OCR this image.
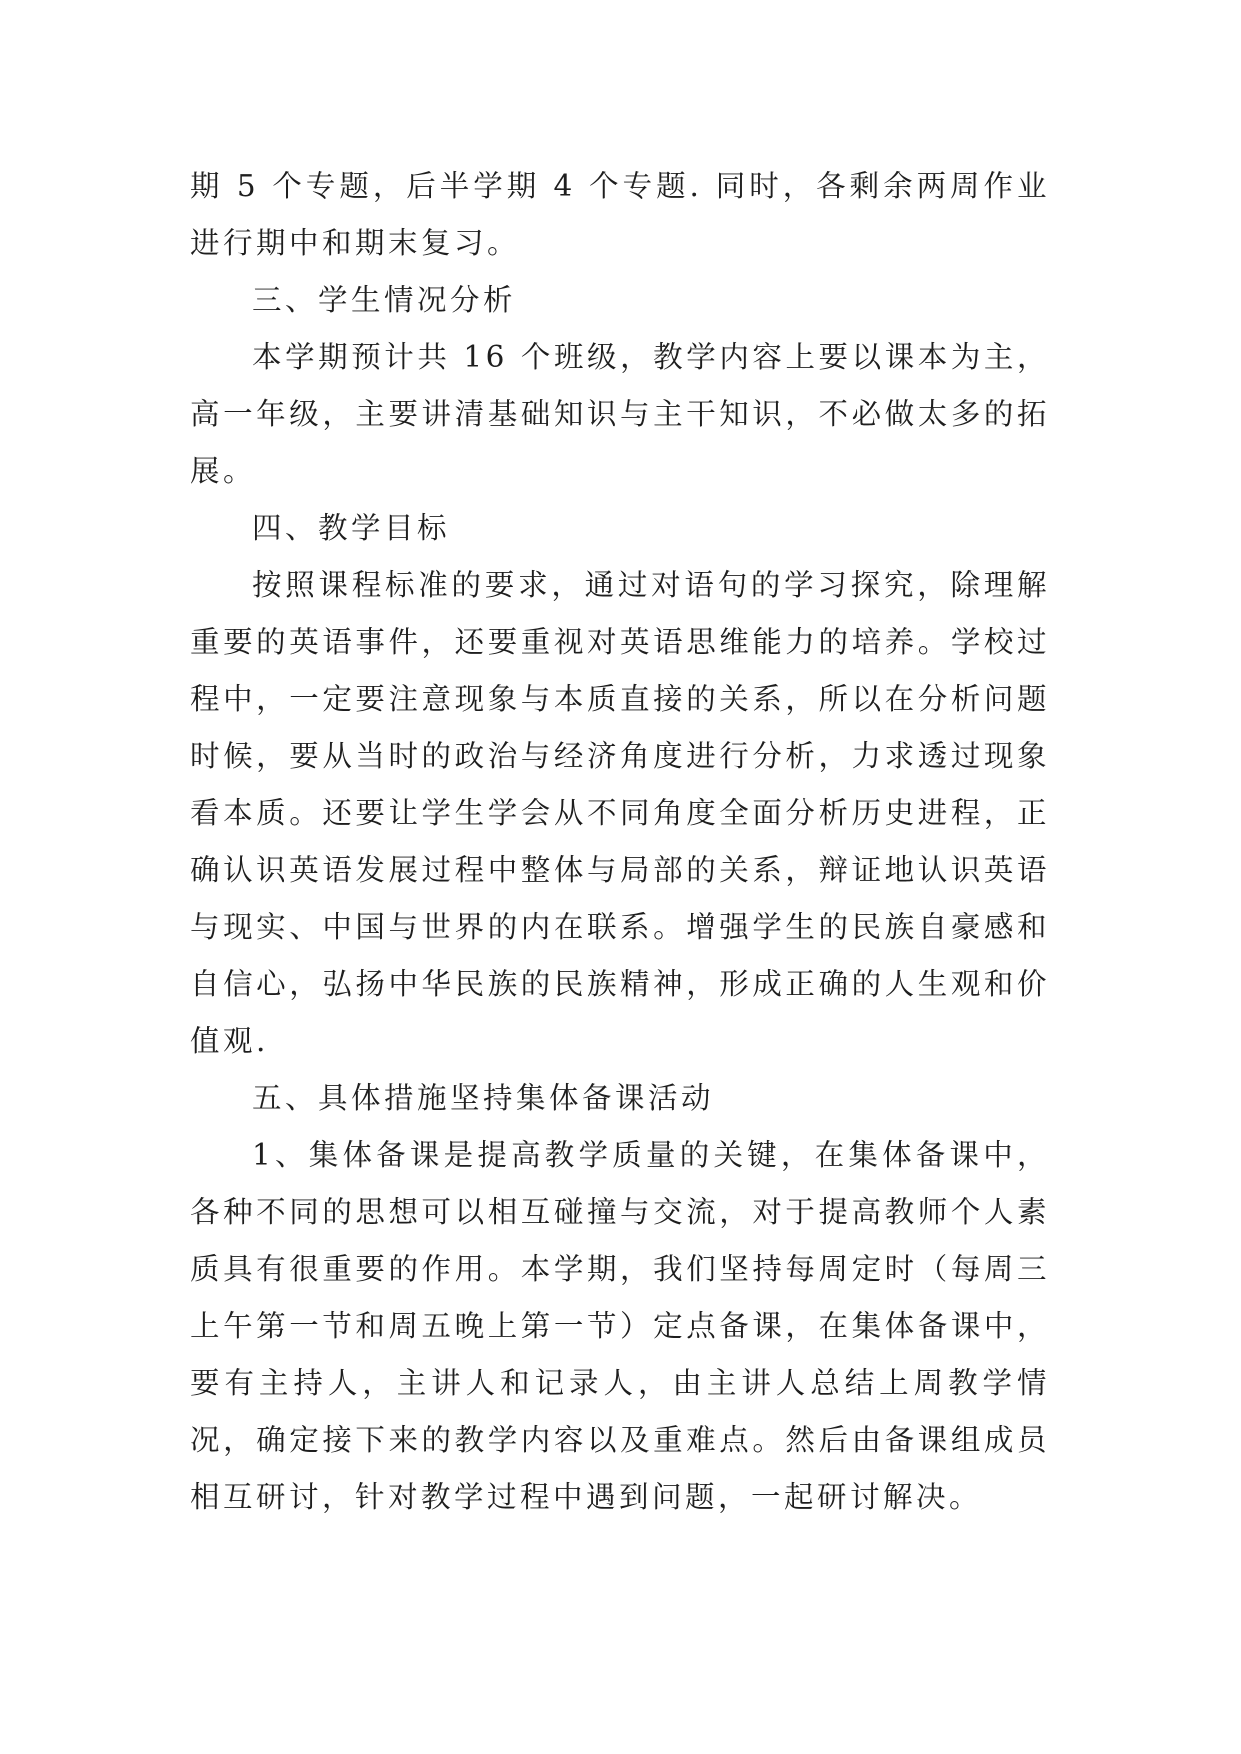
期 5 个专题，后半学期 4 个专题. 同时，各剩余两周作业进行期中和期末复习。

三、学生情况分析

本学期预计共 16 个班级，教学内容上要以课本为主，高一年级，主要讲清基础知识与主干知识，不必做太多的拓展。

四、教学目标

按照课程标准的要求，通过对语句的学习探究，除理解重要的英语事件，还要重视对英语思维能力的培养。学校过程中，一定要注意现象与本质直接的关系，所以在分析问题时候，要从当时的政治与经济角度进行分析，力求透过现象看本质。还要让学生学会从不同角度全面分析历史进程，正确认识英语发展过程中整体与局部的关系，辩证地认识英语与现实、中国与世界的内在联系。增强学生的民族自豪感和自信心，弘扬中华民族的民族精神，形成正确的人生观和价值观.

五、具体措施坚持集体备课活动

1、集体备课是提高教学质量的关键，在集体备课中，各种不同的思想可以相互碰撞与交流，对于提高教师个人素质具有很重要的作用。本学期，我们坚持每周定时（每周三上午第一节和周五晚上第一节）定点备课，在集体备课中，要有主持人，主讲人和记录人，由主讲人总结上周教学情况，确定接下来的教学内容以及重难点。然后由备课组成员相互研讨，针对教学过程中遇到问题，一起研讨解决。
